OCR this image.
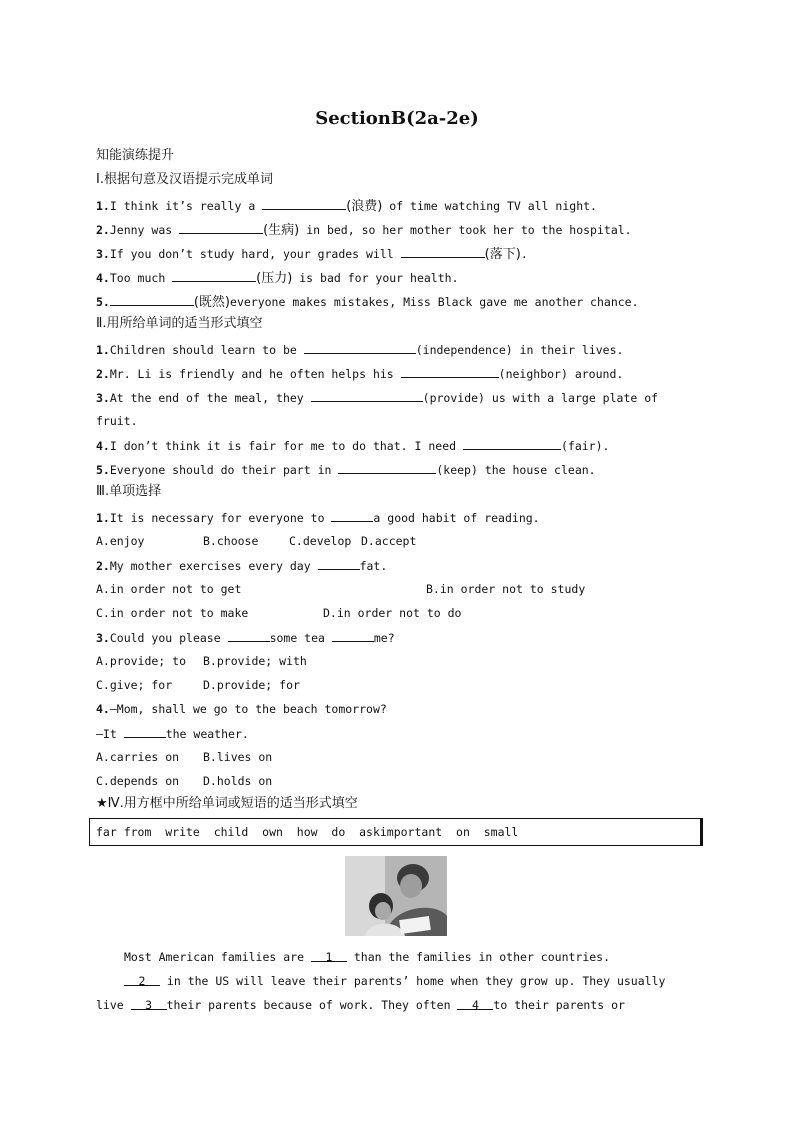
SectionB(2a-2e)
知能演练提升
Ⅰ.根据句意及汉语提示完成单词
1.I think it’s really a	(浪费) of time watching TV all night.
2.Jenny was	(生病) in bed, so her mother took her to the hospital.
3.If you don’t study hard, your grades will	(落下).
4.Too much	(压力) is bad for your health.
5.	(既然)everyone makes mistakes, Miss Black gave me another chance.
Ⅱ.用所给单词的适当形式填空
1.Children should learn to be	(independence) in their lives.
2.Mr. Li is friendly and he often helps his	(neighbor) around.
3.At the end of the meal, they	(provide) us with a large plate of
fruit.
4.I don’t think it is fair for me to do that. I need	(fair).
5.Everyone should do their part in	(keep) the house clean.
Ⅲ.单项选择
1.It is necessary for everyone to	a good habit of reading.
A.enjoy	B.choose	C.develop D.accept
2.My mother exercises every day	fat.
A.in order not to get	B.in order not to study
C.in order not to make	D.in order not to do
3.Could you please	some tea	me?
A.provide; to B.provide; with
C.give; for	D.provide; for
4.—Mom, shall we go to the beach tomorrow?
—It	the weather.
A.carries on B.lives on
C.depends on D.holds on
★Ⅳ.用方框中所给单词或短语的适当形式填空
far from  write  child  own  how  do  askimportant  on  small
Most American families are 1 than the families in other countries.
2 in the US will leave their parents’ home when they grow up. They usually
live 3 their parents because of work. They often 4 to their parents or
